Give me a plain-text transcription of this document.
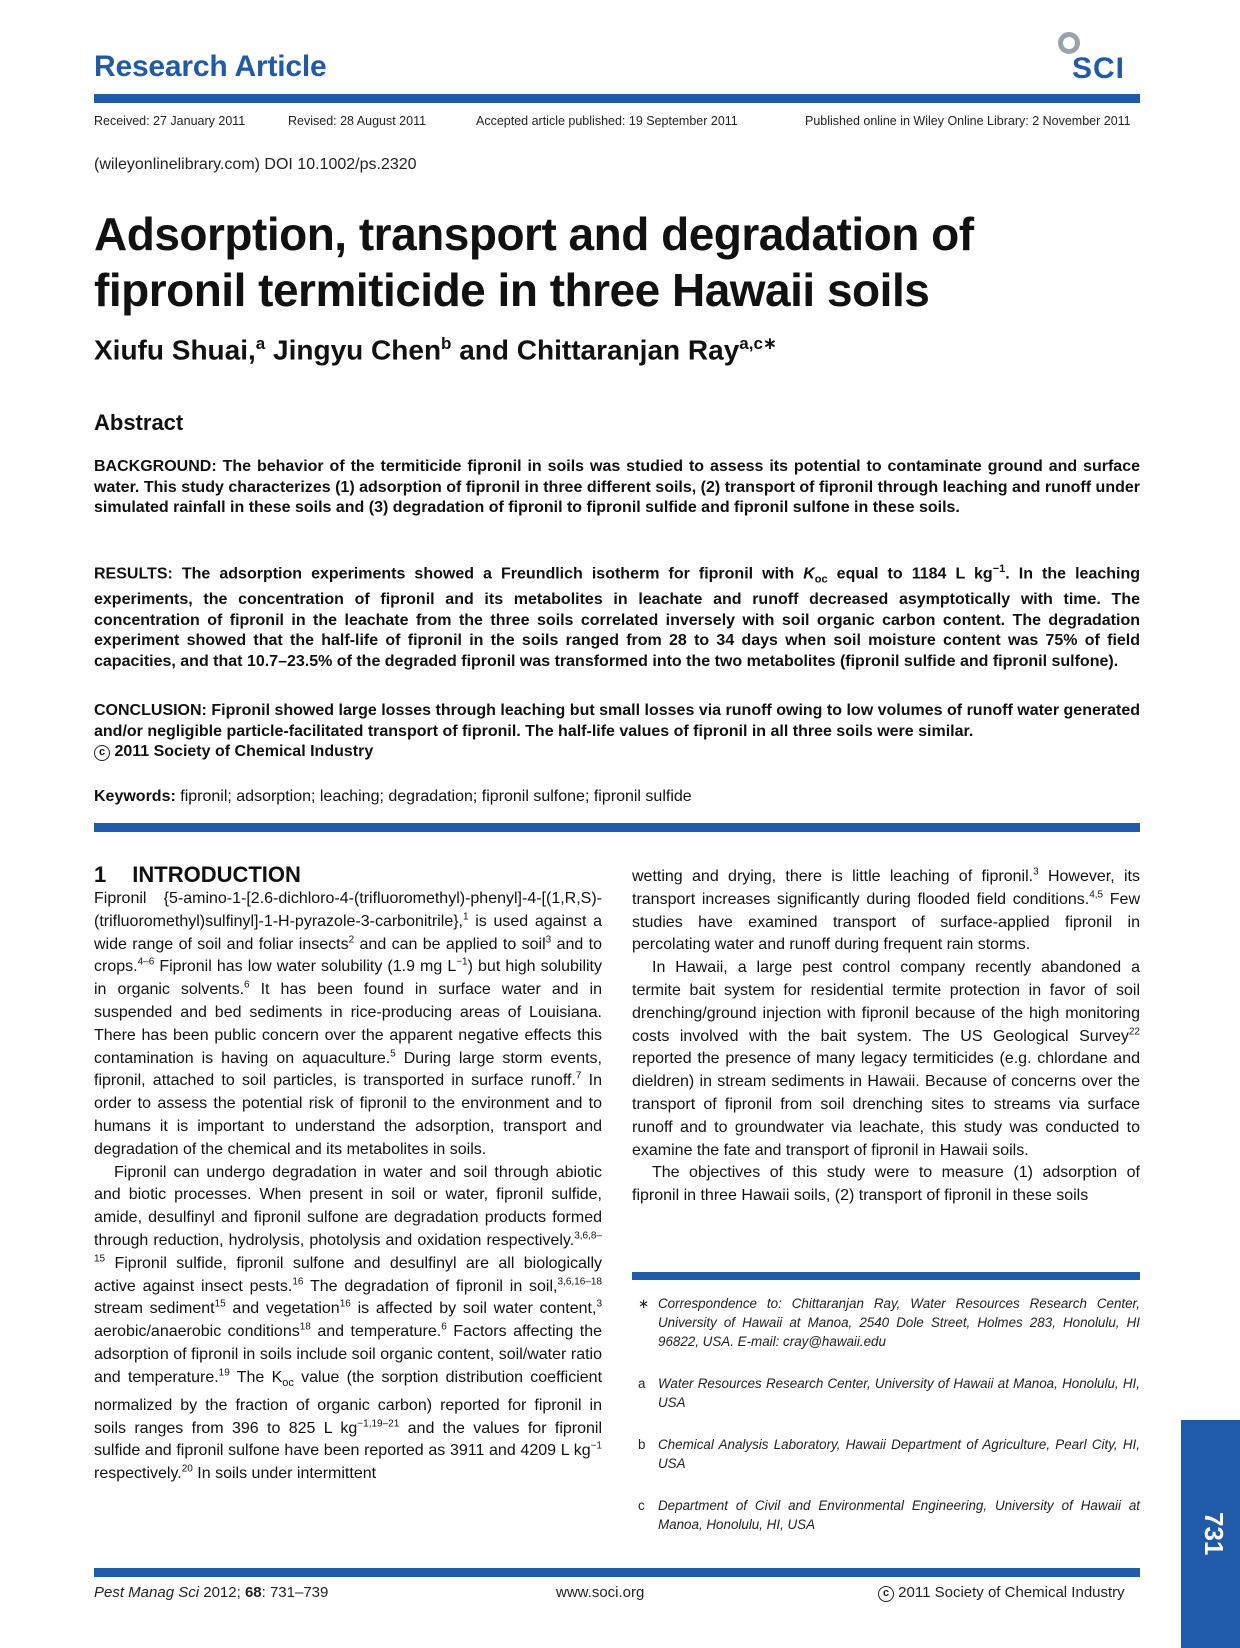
Research Article	SCI
Received: 27 January 2011	Revised: 28 August 2011	Accepted article published: 19 September 2011	Published online in Wiley Online Library: 2 November 2011
(wileyonlinelibrary.com) DOI 10.1002/ps.2320
Adsorption, transport and degradation of
fipronil termiticide in three Hawaii soils
Xiufu Shuai,$^a$ Jingyu Chen$^b$ and Chittaranjan Ray$^{a,c∗}$
Abstract

BACKGROUND: The behavior of the termiticide fipronil in soils was studied to assess its potential to contaminate ground and surface water. This study characterizes (1) adsorption of fipronil in three different soils, (2) transport of fipronil through leaching and runoff under simulated rainfall in these soils and (3) degradation of fipronil to fipronil sulfide and fipronil sulfone in these soils.

RESULTS: The adsorption experiments showed a Freundlich isotherm for fipronil with $K_{oc}$ equal to 1184 L $kg^{-1}$. In the leaching experiments, the concentration of fipronil and its metabolites in leachate and runoff decreased asymptotically with time. The concentration of fipronil in the leachate from the three soils correlated inversely with soil organic carbon content. The degradation experiment showed that the half-life of fipronil in the soils ranged from 28 to 34 days when soil moisture content was 75% of field capacities, and that 10.7–23.5% of the degraded fipronil was transformed into the two metabolites (fipronil sulfide and fipronil sulfone).

CONCLUSION: Fipronil showed large losses through leaching but small losses via runoff owing to low volumes of runoff water generated and/or negligible particle-facilitated transport of fipronil. The half-life values of fipronil in all three soils were similar.
c 2011 Society of Chemical Industry

Keywords: fipronil; adsorption; leaching; degradation; fipronil sulfone; fipronil sulfide
1 INTRODUCTION

Fipronil {5-amino-1-[2.6-dichloro-4-(trifluoromethyl)-phenyl]-4-[(1,R,S)-(trifluoromethyl)sulfinyl]-1-H-pyrazole-3-carbonitrile},$^1$ is used against a wide range of soil and foliar insects$^2$ and can be applied to soil$^3$ and to crops.$^{4-6}$ Fipronil has low water solubility (1.9 mg L$^{-1}$) but high solubility in organic solvents.$^6$ It has been found in surface water and in suspended and bed sediments in rice-producing areas of Louisiana. There has been public concern over the apparent negative effects this contamination is having on aquaculture.$^5$ During large storm events, fipronil, attached to soil particles, is transported in surface runoff.$^7$ In order to assess the potential risk of fipronil to the environment and to humans it is important to understand the adsorption, transport and degradation of the chemical and its metabolites in soils.

Fipronil can undergo degradation in water and soil through abiotic and biotic processes. When present in soil or water, fipronil sulfide, amide, desulfinyl and fipronil sulfone are degradation products formed through reduction, hydrolysis, photolysis and oxidation respectively.$^{3,6,8-15}$ Fipronil sulfide, fipronil sulfone and desulfinyl are all biologically active against insect pests.$^{16}$ The degradation of fipronil in soil,$^{3,6,16-18}$ stream sediment$^{15}$ and vegetation$^{16}$ is affected by soil water content,$^3$ aerobic/anaerobic conditions$^{18}$ and temperature.$^6$ Factors affecting the adsorption of fipronil in soils include soil organic content, soil/water ratio and temperature.$^{19}$ The $K_{oc}$ value (the sorption distribution coefficient normalized by the fraction of organic carbon) reported for fipronil in soils ranges from 396 to 825 L kg$^{-1,19-21}$ and the values for fipronil sulfide and fipronil sulfone have been reported as 3911 and 4209 L kg$^{-1}$ respectively.$^{20}$ In soils under intermittent

wetting and drying, there is little leaching of fipronil.$^3$ However, its transport increases significantly during flooded field conditions.$^{4,5}$ Few studies have examined transport of surface-applied fipronil in percolating water and runoff during frequent rain storms.

In Hawaii, a large pest control company recently abandoned a termite bait system for residential termite protection in favor of soil drenching/ground injection with fipronil because of the high monitoring costs involved with the bait system. The US Geological Survey$^{22}$ reported the presence of many legacy termiticides (e.g. chlordane and dieldren) in stream sediments in Hawaii. Because of concerns over the transport of fipronil from soil drenching sites to streams via surface runoff and to groundwater via leachate, this study was conducted to examine the fate and transport of fipronil in Hawaii soils.

The objectives of this study were to measure (1) adsorption of fipronil in three Hawaii soils, (2) transport of fipronil in these soils

∗ Correspondence to: Chittaranjan Ray, Water Resources Research Center, University of Hawaii at Manoa, 2540 Dole Street, Holmes 283, Honolulu, HI 96822, USA. E-mail: cray@hawaii.edu
a Water Resources Research Center, University of Hawaii at Manoa, Honolulu, HI, USA
b Chemical Analysis Laboratory, Hawaii Department of Agriculture, Pearl City, HI, USA
c Department of Civil and Environmental Engineering, University of Hawaii at Manoa, Honolulu, HI, USA	731
Pest Manag Sci 2012; 68: 731–739	www.soci.org	c 2011 Society of Chemical Industry
